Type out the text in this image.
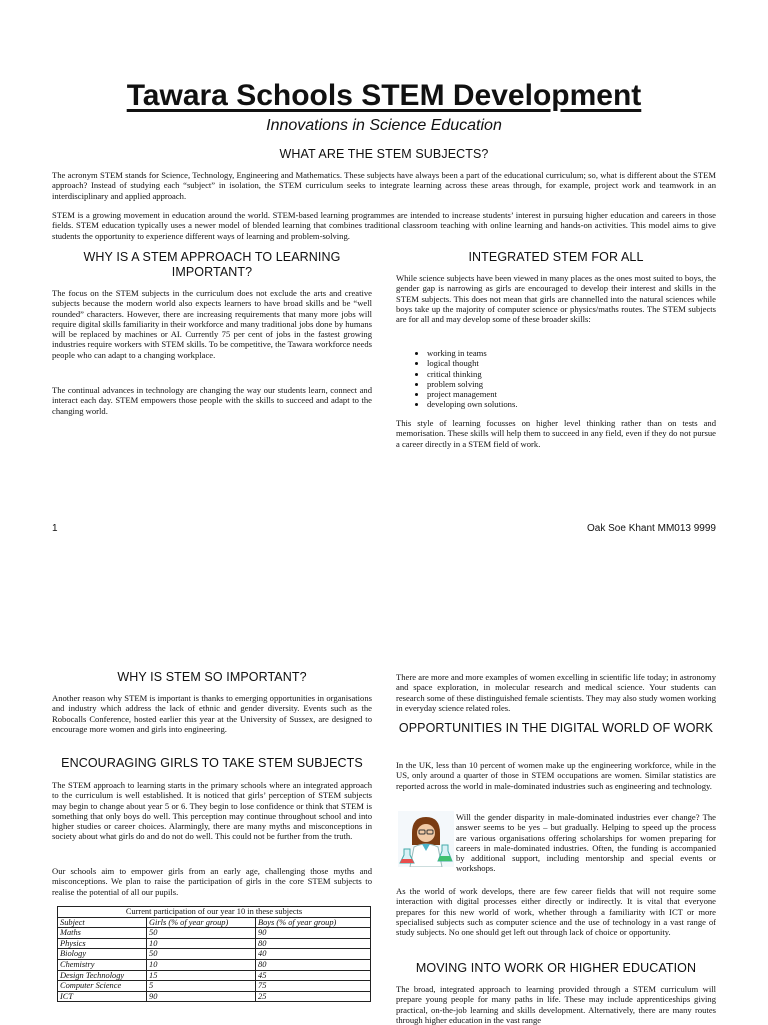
Tawara Schools STEM Development
Innovations in Science Education
WHAT ARE THE STEM SUBJECTS?

The acronym STEM stands for Science, Technology, Engineering and Mathematics. These subjects have always been a part of the educational curriculum; so, what is different about the STEM approach? Instead of studying each “subject” in isolation, the STEM curriculum seeks to integrate learning across these areas through, for example, project work and teamwork in an interdisciplinary and applied approach.

STEM is a growing movement in education around the world. STEM-based learning programmes are intended to increase students’ interest in pursuing higher education and careers in those fields. STEM education typically uses a newer model of blended learning that combines traditional classroom teaching with online learning and hands-on activities. This model aims to give students the opportunity to experience different ways of learning and problem-solving.

WHY IS A STEM APPROACH TO LEARNING IMPORTANT?

The focus on the STEM subjects in the curriculum does not exclude the arts and creative subjects because the modern world also expects learners to have broad skills and be “well rounded” characters. However, there are increasing requirements that many more jobs will require digital skills familiarity in their workforce and many traditional jobs done by humans will be replaced by machines or AI. Currently 75 per cent of jobs in the fastest growing industries require workers with STEM skills. To be competitive, the Tawara workforce needs people who can adapt to a changing workplace.

The continual advances in technology are changing the way our students learn, connect and interact each day. STEM empowers those people with the skills to succeed and adapt to the changing world.

INTEGRATED STEM FOR ALL

While science subjects have been viewed in many places as the ones most suited to boys, the gender gap is narrowing as girls are encouraged to develop their interest and skills in the STEM subjects. This does not mean that girls are channelled into the natural sciences while boys take up the majority of computer science or physics/maths routes. The STEM subjects are for all and may develop some of these broader skills:

• working in teams
• logical thought
• critical thinking
• problem solving
• project management
• developing own solutions.

This style of learning focusses on higher level thinking rather than on tests and memorisation. These skills will help them to succeed in any field, even if they do not pursue a career directly in a STEM field of work.

1	Oak Soe Khant MM013 9999
WHY IS STEM SO IMPORTANT?

Another reason why STEM is important is thanks to emerging opportunities in organisations and industry which address the lack of ethnic and gender diversity. Events such as the Robocalls Conference, hosted earlier this year at the University of Sussex, are designed to encourage more women and girls into engineering.

ENCOURAGING GIRLS TO TAKE STEM SUBJECTS

The STEM approach to learning starts in the primary schools where an integrated approach to the curriculum is well established. It is noticed that girls’ perception of STEM subjects may begin to change about year 5 or 6. They begin to lose confidence or think that STEM is something that only boys do well. This perception may continue throughout school and into higher studies or career choices. Alarmingly, there are many myths and misconceptions in society about what girls do and do not do well. This could not be further from the truth.

Our schools aim to empower girls from an early age, challenging those myths and misconceptions. We plan to raise the participation of girls in the core STEM subjects to realise the potential of all our pupils.

Current participation of our year 10 in these subjects		
Subject	Girls (% of year group)	Boys (% of year group)
Maths	50	90
Physics	10	80
Biology	50	40
Chemistry	10	80
Design Technology	15	45
Computer Science	5	75
ICT	90	25

There are more and more examples of women excelling in scientific life today; in astronomy and space exploration, in molecular research and medical science. Your students can research some of these distinguished female scientists. They may also study women working in everyday science related roles.

OPPORTUNITIES IN THE DIGITAL WORLD OF WORK

In the UK, less than 10 percent of women make up the engineering workforce, while in the US, only around a quarter of those in STEM occupations are women. Similar statistics are reported across the world in male-dominated industries such as engineering and technology.

Will the gender disparity in male-dominated industries ever change? The answer seems to be yes – but gradually. Helping to speed up the process are various organisations offering scholarships for women preparing for careers in male-dominated industries. Often, the funding is accompanied by additional support, including mentorship and special events or workshops.

As the world of work develops, there are few career fields that will not require some interaction with digital processes either directly or indirectly. It is vital that everyone prepares for this new world of work, whether through a familiarity with ICT or more specialised subjects such as computer science and the use of technology in a vast range of study subjects. No one should get left out through lack of choice or opportunity.

MOVING INTO WORK OR HIGHER EDUCATION

The broad, integrated approach to learning provided through a STEM curriculum will prepare young people for many paths in life. These may include apprenticeships giving practical, on-the-job learning and skills development. Alternatively, there are many routes through higher education in the vast range
